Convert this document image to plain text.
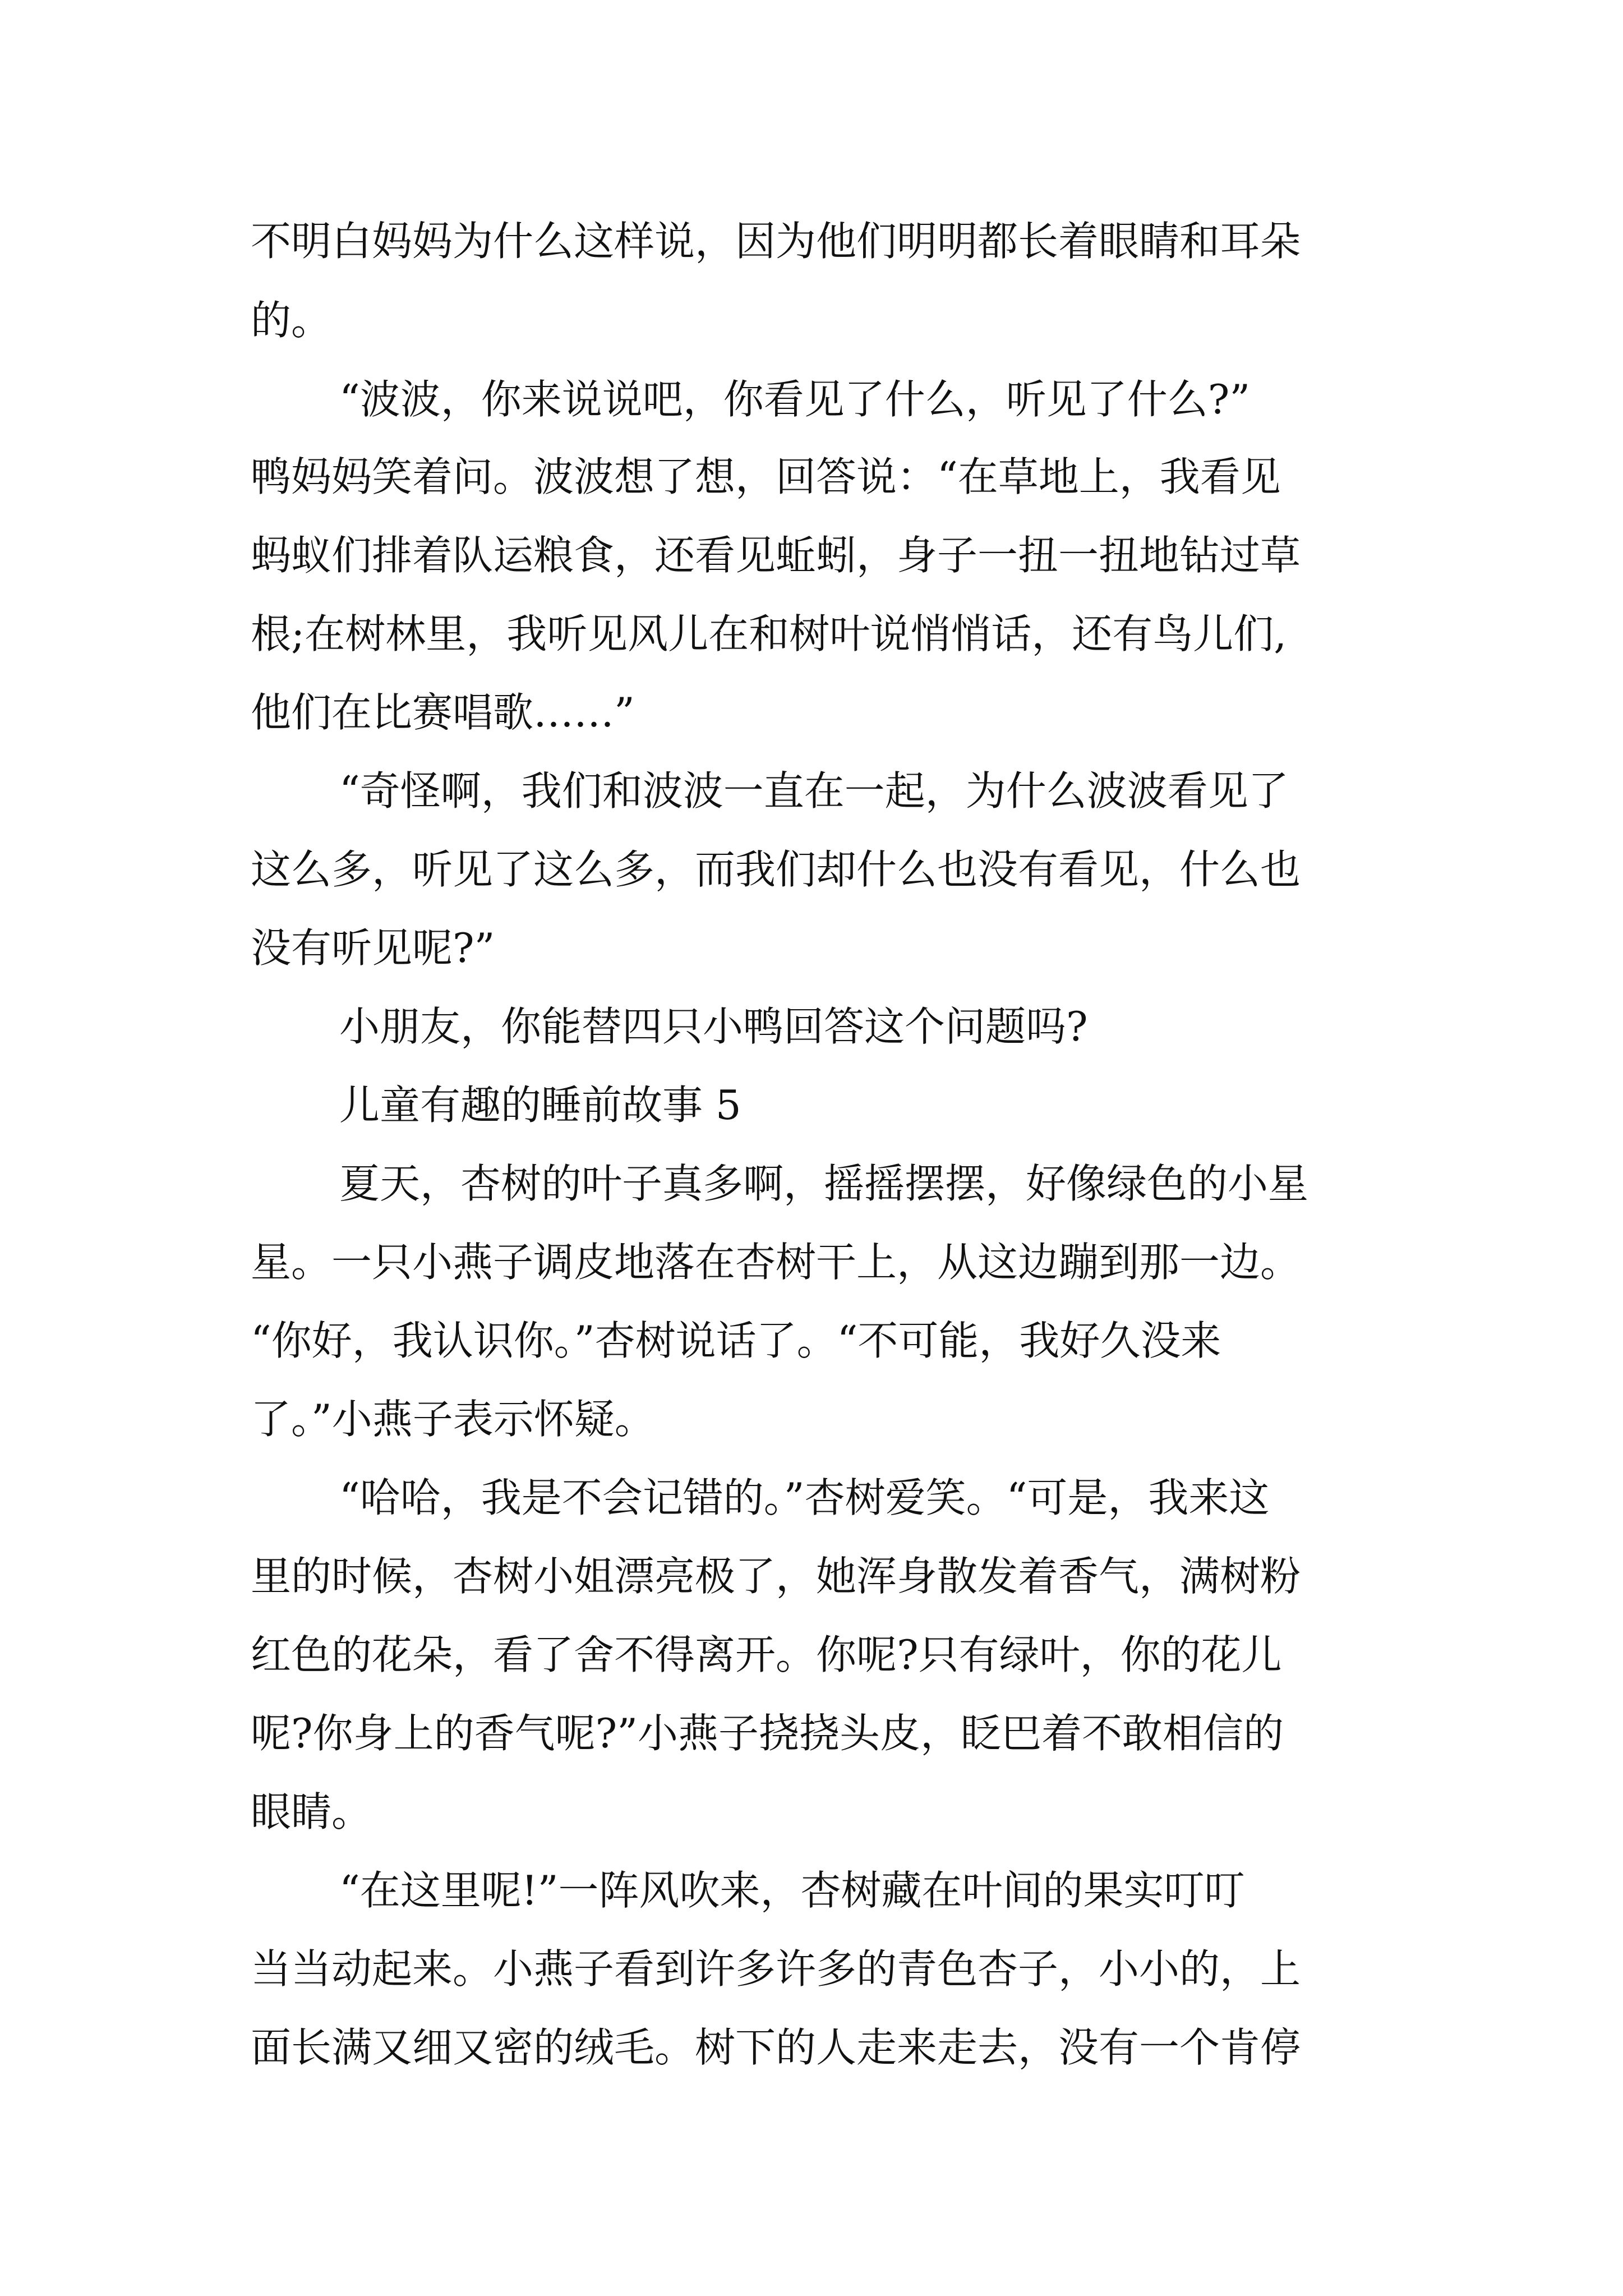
不明白妈妈为什么这样说，因为他们明明都长着眼睛和耳朵
的。
“波波，你来说说吧，你看见了什么，听见了什么?”
鸭妈妈笑着问。波波想了想，回答说：“在草地上，我看见
蚂蚁们排着队运粮食，还看见蚯蚓，身子一扭一扭地钻过草
根;在树林里，我听见风儿在和树叶说悄悄话，还有鸟儿们,
他们在比赛唱歌……”
“奇怪啊，我们和波波一直在一起，为什么波波看见了
这么多，听见了这么多，而我们却什么也没有看见，什么也
没有听见呢?”
小朋友，你能替四只小鸭回答这个问题吗?
儿童有趣的睡前故事 5
夏天，杏树的叶子真多啊，摇摇摆摆，好像绿色的小星
星。一只小燕子调皮地落在杏树干上，从这边蹦到那一边。
“你好，我认识你。”杏树说话了。“不可能，我好久没来
了。”小燕子表示怀疑。
“哈哈，我是不会记错的。”杏树爱笑。“可是，我来这
里的时候，杏树小姐漂亮极了，她浑身散发着香气，满树粉
红色的花朵，看了舍不得离开。你呢?只有绿叶，你的花儿
呢?你身上的香气呢?”小燕子挠挠头皮，眨巴着不敢相信的
眼睛。
“在这里呢!”一阵风吹来，杏树藏在叶间的果实叮叮
当当动起来。小燕子看到许多许多的青色杏子，小小的，上
面长满又细又密的绒毛。树下的人走来走去，没有一个肯停
